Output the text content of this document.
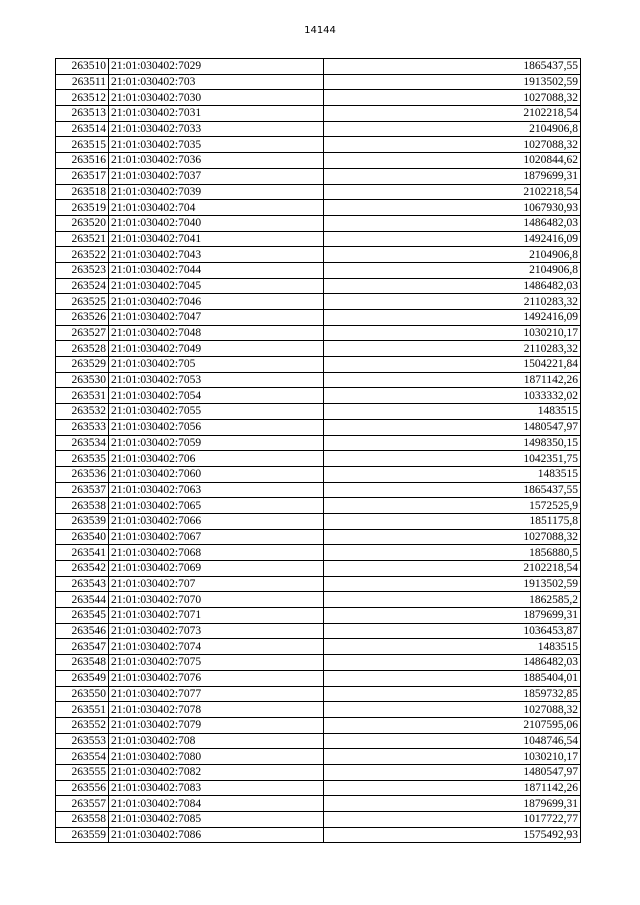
14144
263510	21:01:030402:7029	1865437,55
263511	21:01:030402:703	1913502,59
263512	21:01:030402:7030	1027088,32
263513	21:01:030402:7031	2102218,54
263514	21:01:030402:7033	2104906,8
263515	21:01:030402:7035	1027088,32
263516	21:01:030402:7036	1020844,62
263517	21:01:030402:7037	1879699,31
263518	21:01:030402:7039	2102218,54
263519	21:01:030402:704	1067930,93
263520	21:01:030402:7040	1486482,03
263521	21:01:030402:7041	1492416,09
263522	21:01:030402:7043	2104906,8
263523	21:01:030402:7044	2104906,8
263524	21:01:030402:7045	1486482,03
263525	21:01:030402:7046	2110283,32
263526	21:01:030402:7047	1492416,09
263527	21:01:030402:7048	1030210,17
263528	21:01:030402:7049	2110283,32
263529	21:01:030402:705	1504221,84
263530	21:01:030402:7053	1871142,26
263531	21:01:030402:7054	1033332,02
263532	21:01:030402:7055	1483515
263533	21:01:030402:7056	1480547,97
263534	21:01:030402:7059	1498350,15
263535	21:01:030402:706	1042351,75
263536	21:01:030402:7060	1483515
263537	21:01:030402:7063	1865437,55
263538	21:01:030402:7065	1572525,9
263539	21:01:030402:7066	1851175,8
263540	21:01:030402:7067	1027088,32
263541	21:01:030402:7068	1856880,5
263542	21:01:030402:7069	2102218,54
263543	21:01:030402:707	1913502,59
263544	21:01:030402:7070	1862585,2
263545	21:01:030402:7071	1879699,31
263546	21:01:030402:7073	1036453,87
263547	21:01:030402:7074	1483515
263548	21:01:030402:7075	1486482,03
263549	21:01:030402:7076	1885404,01
263550	21:01:030402:7077	1859732,85
263551	21:01:030402:7078	1027088,32
263552	21:01:030402:7079	2107595,06
263553	21:01:030402:708	1048746,54
263554	21:01:030402:7080	1030210,17
263555	21:01:030402:7082	1480547,97
263556	21:01:030402:7083	1871142,26
263557	21:01:030402:7084	1879699,31
263558	21:01:030402:7085	1017722,77
263559	21:01:030402:7086	1575492,93
